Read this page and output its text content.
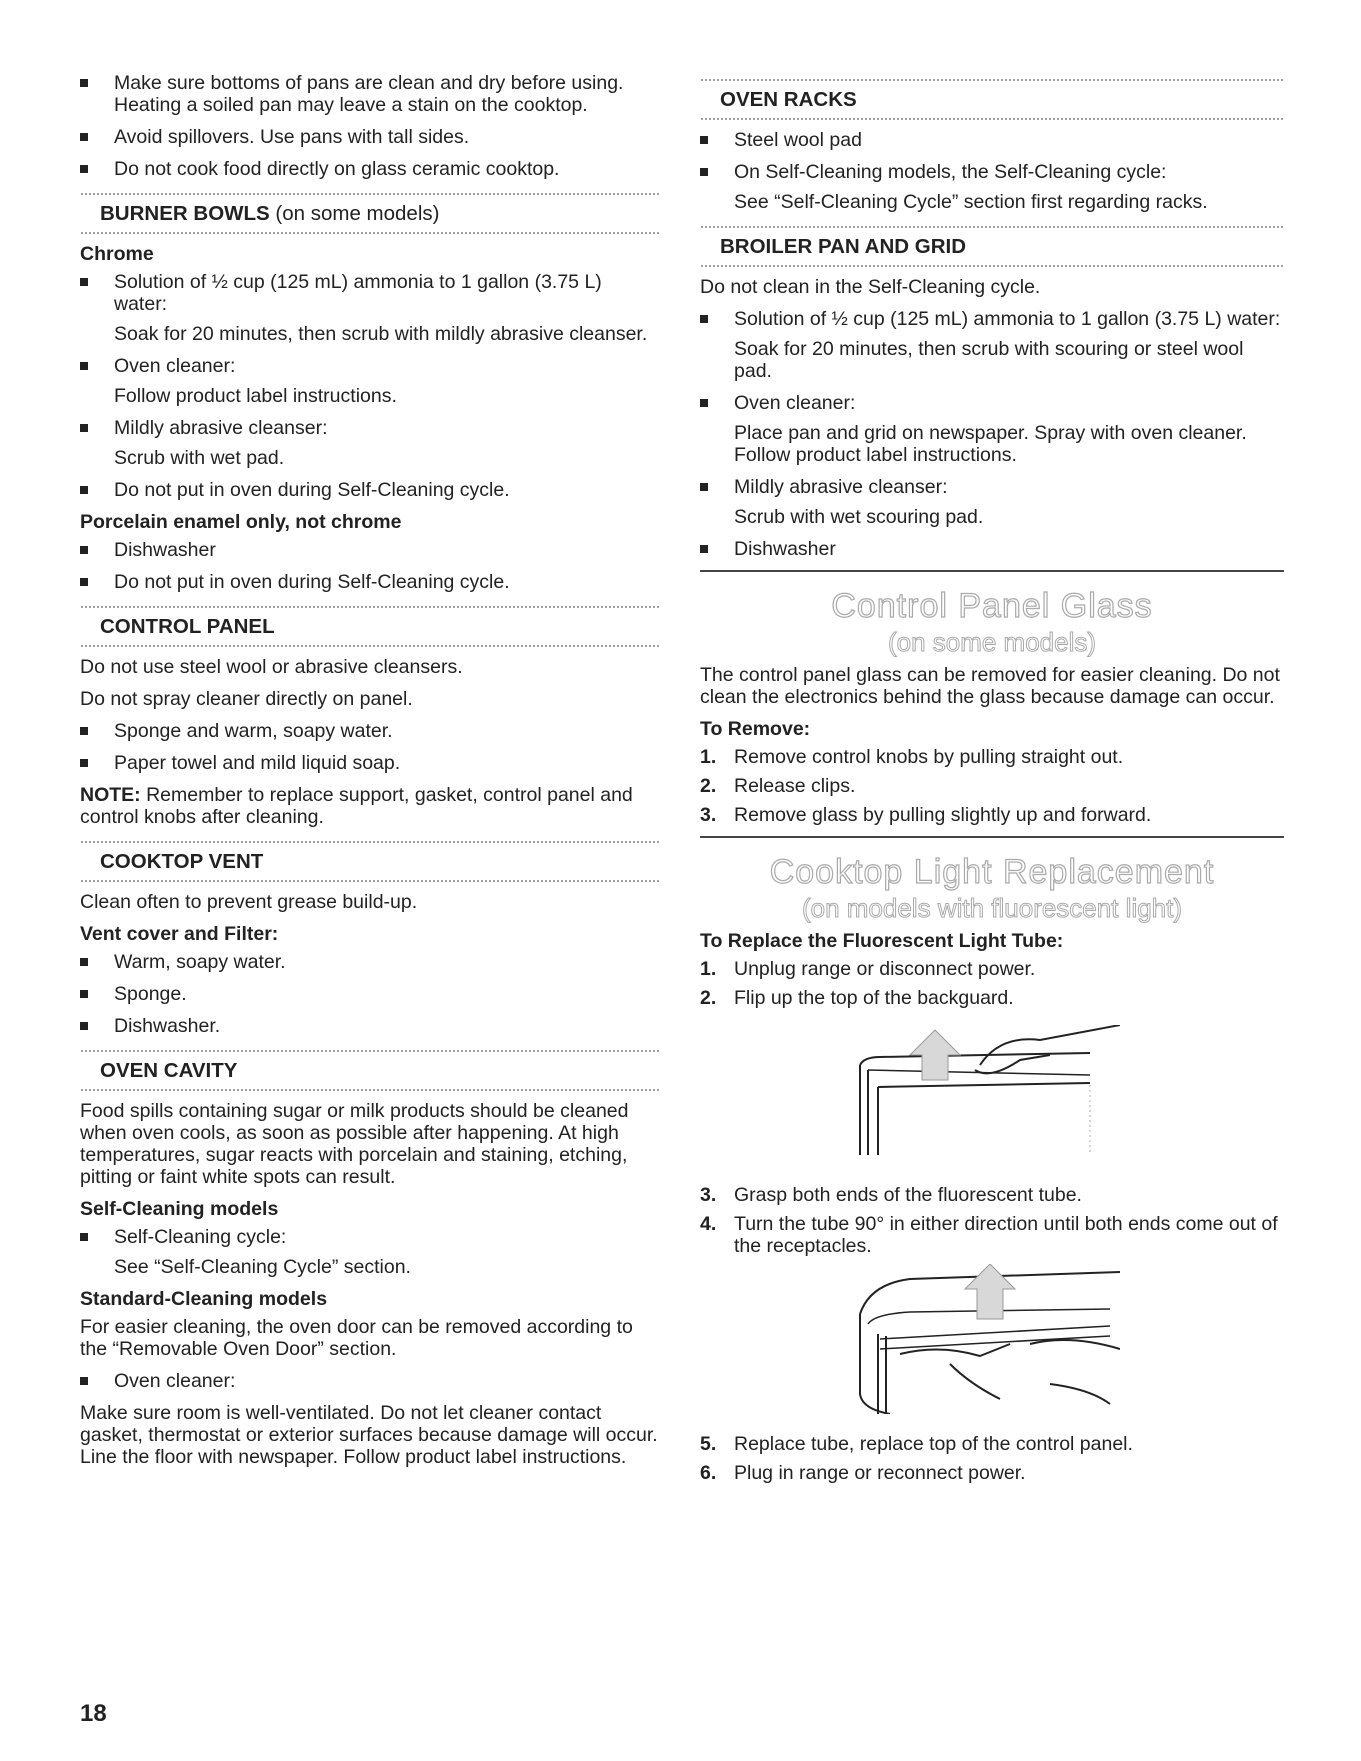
Make sure bottoms of pans are clean and dry before using. Heating a soiled pan may leave a stain on the cooktop.
Avoid spillovers. Use pans with tall sides.
Do not cook food directly on glass ceramic cooktop.
BURNER BOWLS (on some models)
Chrome
Solution of ½ cup (125 mL) ammonia to 1 gallon (3.75 L) water:
Soak for 20 minutes, then scrub with mildly abrasive cleanser.
Oven cleaner:
Follow product label instructions.
Mildly abrasive cleanser:
Scrub with wet pad.
Do not put in oven during Self-Cleaning cycle.
Porcelain enamel only, not chrome
Dishwasher
Do not put in oven during Self-Cleaning cycle.
CONTROL PANEL
Do not use steel wool or abrasive cleansers.
Do not spray cleaner directly on panel.
Sponge and warm, soapy water.
Paper towel and mild liquid soap.
NOTE: Remember to replace support, gasket, control panel and control knobs after cleaning.
COOKTOP VENT
Clean often to prevent grease build-up.
Vent cover and Filter:
Warm, soapy water.
Sponge.
Dishwasher.
OVEN CAVITY
Food spills containing sugar or milk products should be cleaned when oven cools, as soon as possible after happening. At high temperatures, sugar reacts with porcelain and staining, etching, pitting or faint white spots can result.
Self-Cleaning models
Self-Cleaning cycle:
See “Self-Cleaning Cycle” section.
Standard-Cleaning models
For easier cleaning, the oven door can be removed according to the “Removable Oven Door” section.
Oven cleaner:
Make sure room is well-ventilated. Do not let cleaner contact gasket, thermostat or exterior surfaces because damage will occur. Line the floor with newspaper. Follow product label instructions.
OVEN RACKS
Steel wool pad
On Self-Cleaning models, the Self-Cleaning cycle:
See “Self-Cleaning Cycle” section first regarding racks.
BROILER PAN AND GRID
Do not clean in the Self-Cleaning cycle.
Solution of ½ cup (125 mL) ammonia to 1 gallon (3.75 L) water:
Soak for 20 minutes, then scrub with scouring or steel wool pad.
Oven cleaner:
Place pan and grid on newspaper. Spray with oven cleaner. Follow product label instructions.
Mildly abrasive cleanser:
Scrub with wet scouring pad.
Dishwasher
Control Panel Glass
(on some models)
The control panel glass can be removed for easier cleaning. Do not clean the electronics behind the glass because damage can occur.
To Remove:
1. Remove control knobs by pulling straight out.
2. Release clips.
3. Remove glass by pulling slightly up and forward.
Cooktop Light Replacement
(on models with fluorescent light)
To Replace the Fluorescent Light Tube:
1. Unplug range or disconnect power.
2. Flip up the top of the backguard.
3. Grasp both ends of the fluorescent tube.
4. Turn the tube 90° in either direction until both ends come out of the receptacles.
5. Replace tube, replace top of the control panel.
6. Plug in range or reconnect power.
18
